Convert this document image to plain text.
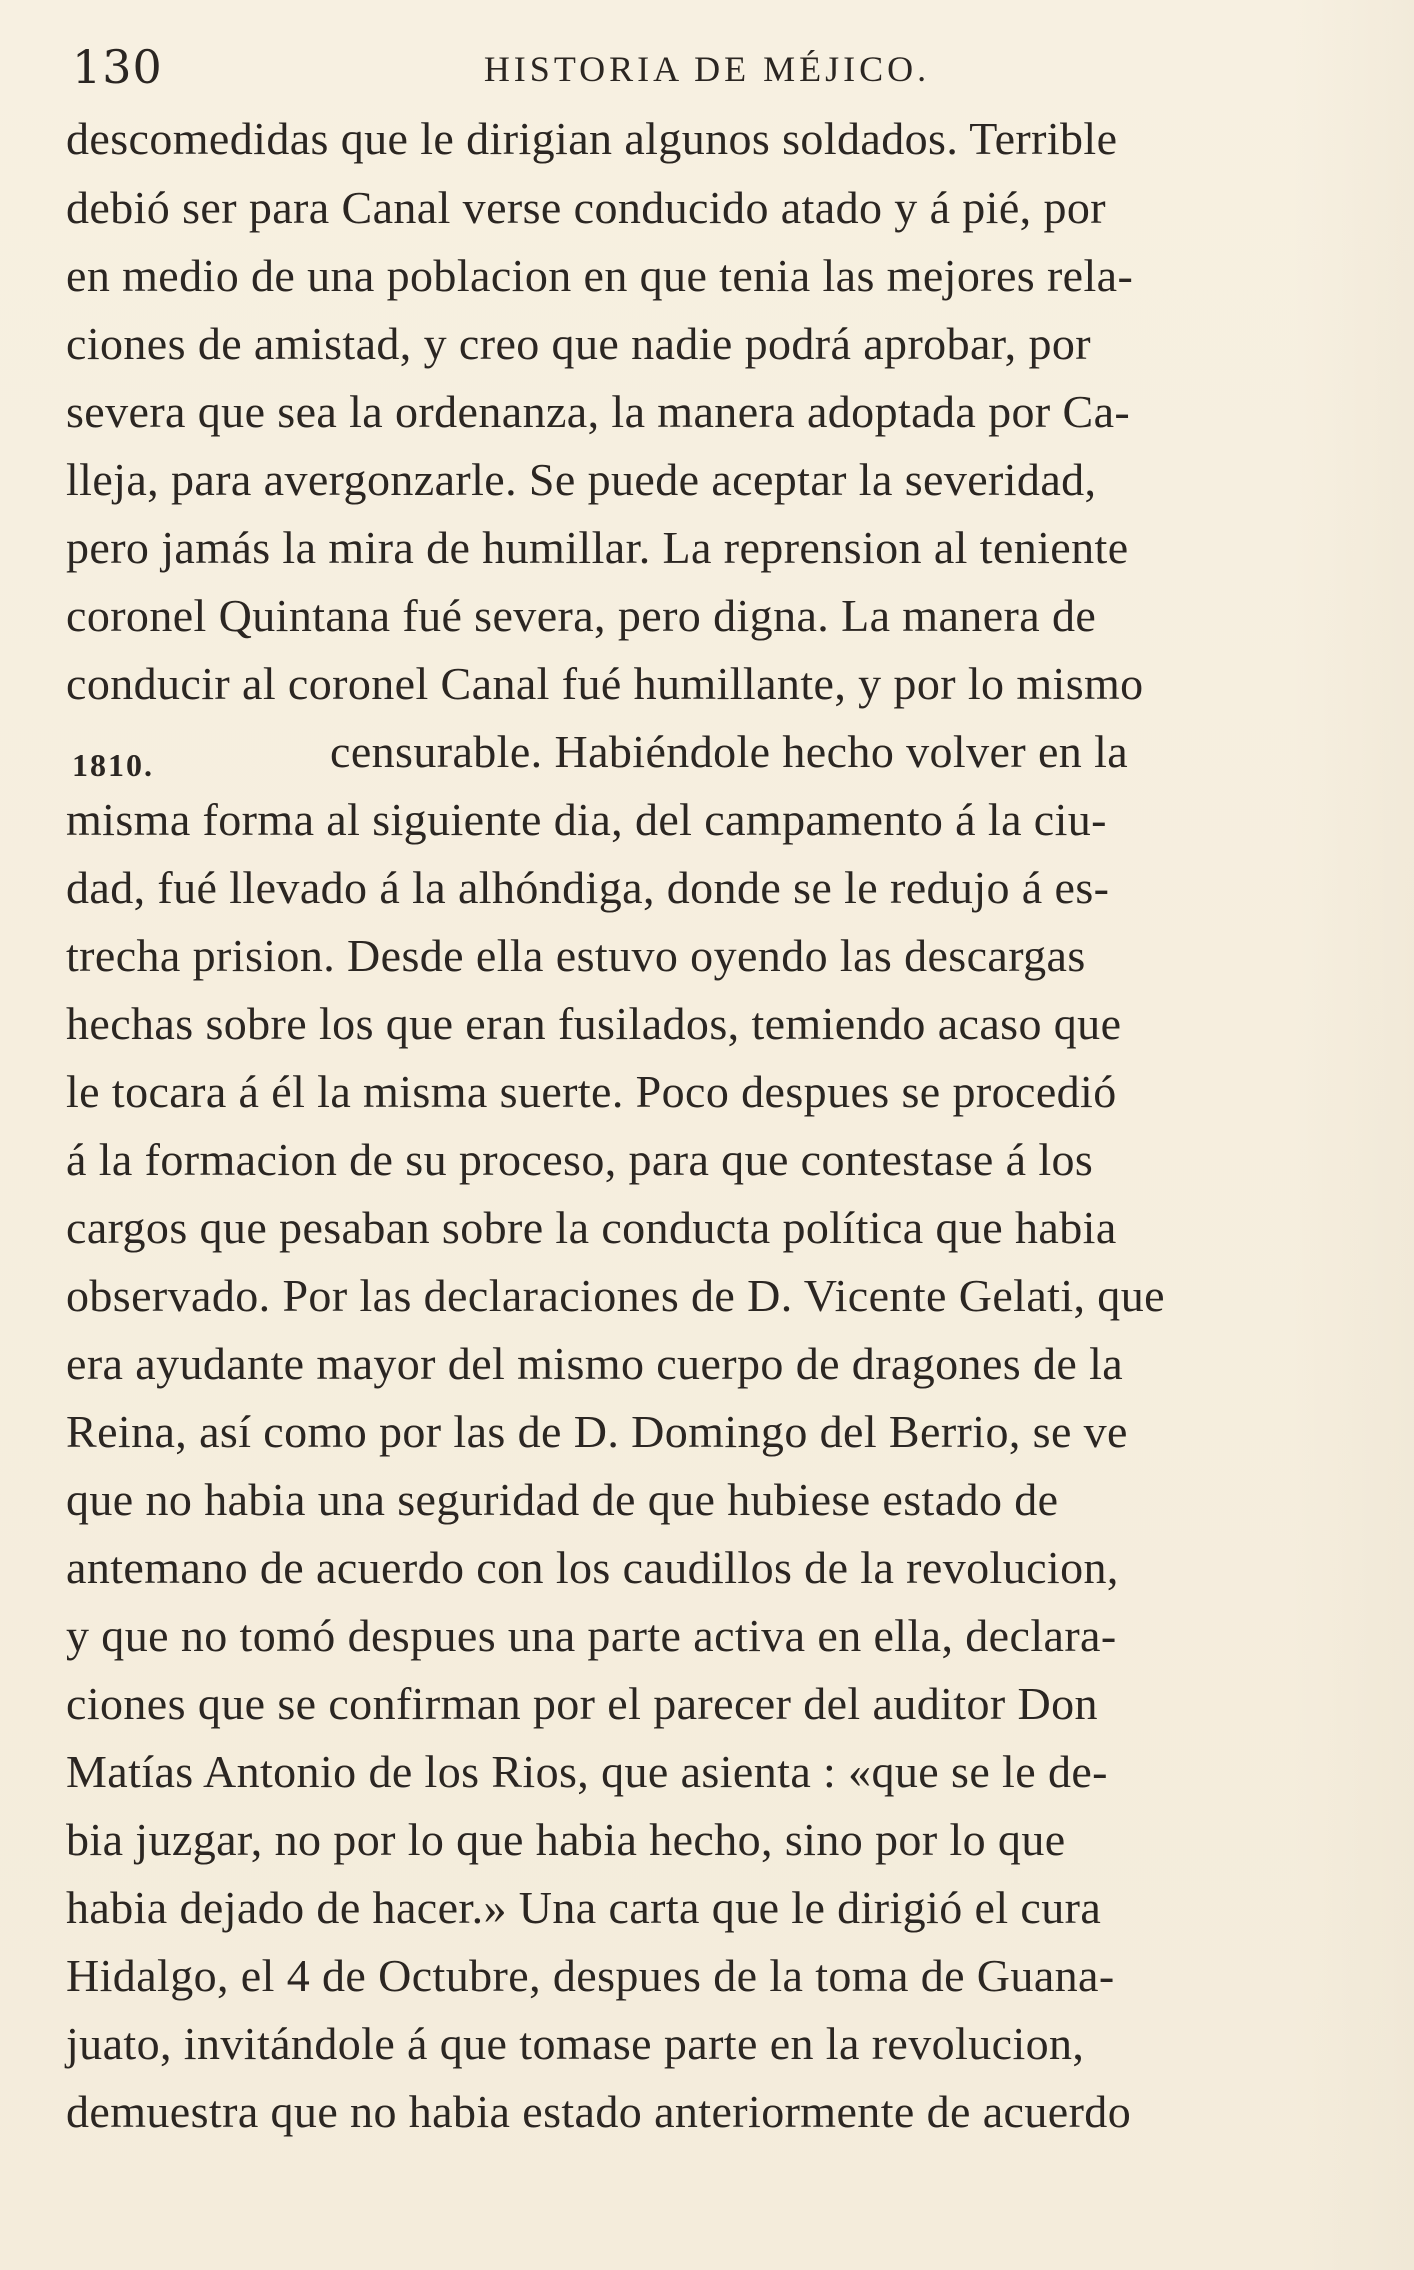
130	HISTORIA DE MÉJICO.
1810.
descomedidas que le dirigian algunos soldados. Terrible
debió ser para Canal verse conducido atado y á pié, por
en medio de una poblacion en que tenia las mejores rela-
ciones de amistad, y creo que nadie podrá aprobar, por
severa que sea la ordenanza, la manera adoptada por Ca-
lleja, para avergonzarle. Se puede aceptar la severidad,
pero jamás la mira de humillar. La reprension al teniente
coronel Quintana fué severa, pero digna. La manera de
conducir al coronel Canal fué humillante, y por lo mismo
censurable. Habiéndole hecho volver en la
misma forma al siguiente dia, del campamento á la ciu-
dad, fué llevado á la alhóndiga, donde se le redujo á es-
trecha prision. Desde ella estuvo oyendo las descargas
hechas sobre los que eran fusilados, temiendo acaso que
le tocara á él la misma suerte. Poco despues se procedió
á la formacion de su proceso, para que contestase á los
cargos que pesaban sobre la conducta política que habia
observado. Por las declaraciones de D. Vicente Gelati, que
era ayudante mayor del mismo cuerpo de dragones de la
Reina, así como por las de D. Domingo del Berrio, se ve
que no habia una seguridad de que hubiese estado de
antemano de acuerdo con los caudillos de la revolucion,
y que no tomó despues una parte activa en ella, declara-
ciones que se confirman por el parecer del auditor Don
Matías Antonio de los Rios, que asienta : «que se le de-
bia juzgar, no por lo que habia hecho, sino por lo que
habia dejado de hacer.» Una carta que le dirigió el cura
Hidalgo, el 4 de Octubre, despues de la toma de Guana-
juato, invitándole á que tomase parte en la revolucion,
demuestra que no habia estado anteriormente de acuerdo
